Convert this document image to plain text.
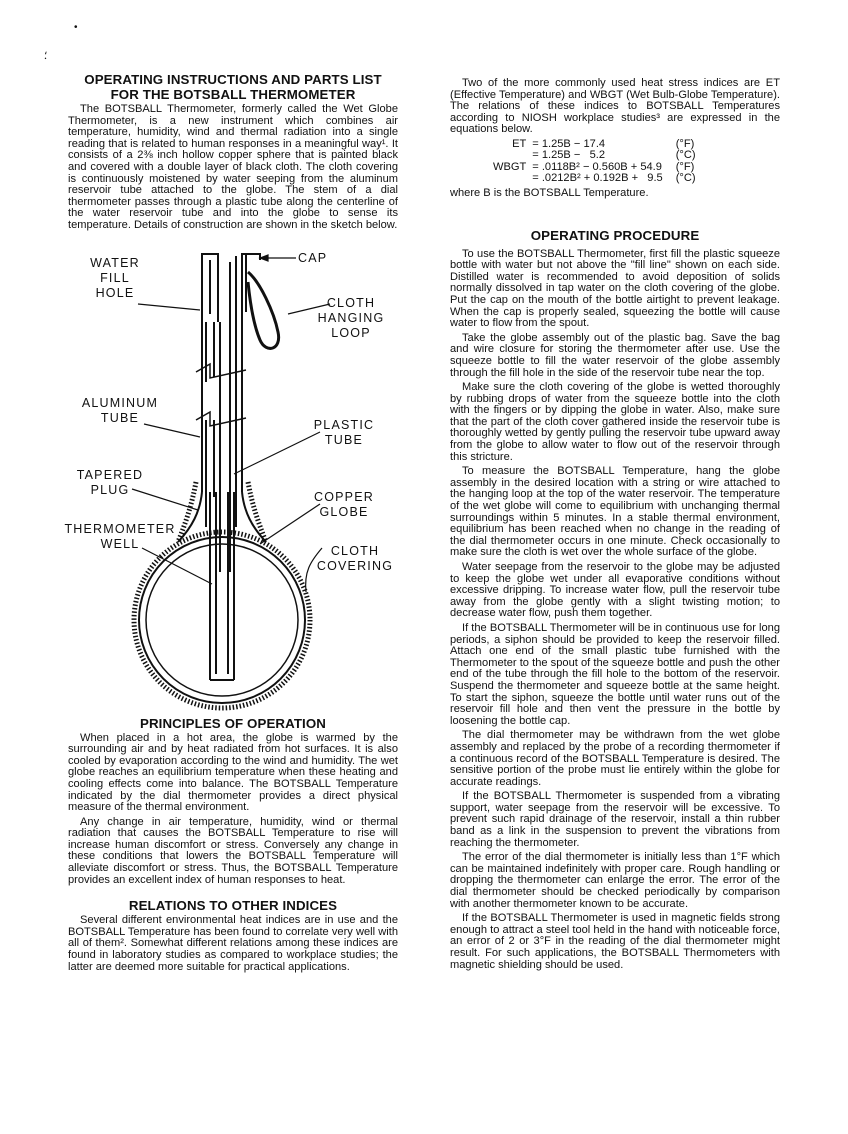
•
⸵
OPERATING INSTRUCTIONS AND PARTS LIST
FOR THE BOTSBALL THERMOMETER

The BOTSBALL Thermometer, formerly called the Wet Globe Thermometer, is a new instrument which combines air temperature, humidity, wind and thermal radiation into a single reading that is related to human responses in a meaningful way¹. It consists of a 2⅜ inch hollow copper sphere that is painted black and covered with a double layer of black cloth. The cloth covering is continuously moistened by water seeping from the aluminum reservoir tube attached to the globe. The stem of a dial thermometer passes through a plastic tube along the centerline of the water reservoir tube and into the globe to sense its temperature. Details of construction are shown in the sketch below.

WATER
FILL
HOLE
CAP
CLOTH
HANGING
LOOP
ALUMINUM
TUBE	PLASTIC
TUBE
TAPERED
PLUG	COPPER
GLOBE
THERMOMETER
WELL	CLOTH
COVERING
PRINCIPLES OF OPERATION

When placed in a hot area, the globe is warmed by the surrounding air and by heat radiated from hot surfaces. It is also cooled by evaporation according to the wind and humidity. The wet globe reaches an equilibrium temperature when these heating and cooling effects come into balance. The BOTSBALL Temperature indicated by the dial thermometer provides a direct physical measure of the thermal environment.

Any change in air temperature, humidity, wind or thermal radiation that causes the BOTSBALL Temperature to rise will increase human discomfort or stress. Conversely any change in these conditions that lowers the BOTSBALL Temperature will alleviate discomfort or stress. Thus, the BOTSBALL Temperature provides an excellent index of human responses to heat.

RELATIONS TO OTHER INDICES

Several different environmental heat indices are in use and the BOTSBALL Temperature has been found to correlate very well with all of them². Somewhat different relations among these indices are found in laboratory studies as compared to workplace studies; the latter are deemed more suitable for practical applications.

Two of the more commonly used heat stress indices are ET (Effective Temperature) and WBGT (Wet Bulb-Globe Temperature). The relations of these indices to BOTSBALL Temperatures according to NIOSH workplace studies³ are expressed in the equations below.

ET	= 1.25B − 17.4	(°F)
	= 1.25B −   5.2	(°C)
WBGT	= .0118B² − 0.560B + 54.9	(°F)
	= .0212B² + 0.192B +   9.5	(°C)

where B is the BOTSBALL Temperature.

OPERATING PROCEDURE

To use the BOTSBALL Thermometer, first fill the plastic squeeze bottle with water but not above the "fill line" shown on each side. Distilled water is recommended to avoid deposition of solids normally dissolved in tap water on the cloth covering of the globe. Put the cap on the mouth of the bottle airtight to prevent leakage. When the cap is properly sealed, squeezing the bottle will cause water to flow from the spout.

Take the globe assembly out of the plastic bag. Save the bag and wire closure for storing the thermometer after use. Use the squeeze bottle to fill the water reservoir of the globe assembly through the fill hole in the side of the reservoir tube near the top.

Make sure the cloth covering of the globe is wetted thoroughly by rubbing drops of water from the squeeze bottle into the cloth with the fingers or by dipping the globe in water. Also, make sure that the part of the cloth cover gathered inside the reservoir tube is thoroughly wetted by gently pulling the reservoir tube upward away from the globe to allow water to flow out of the reservoir through this stricture.

To measure the BOTSBALL Temperature, hang the globe assembly in the desired location with a string or wire attached to the hanging loop at the top of the water reservoir. The temperature of the wet globe will come to equilibrium with unchanging thermal surroundings within 5 minutes. In a stable thermal environment, equilibrium has been reached when no change in the reading of the dial thermometer occurs in one minute. Check occasionally to make sure the cloth is wet over the whole surface of the globe.

Water seepage from the reservoir to the globe may be adjusted to keep the globe wet under all evaporative conditions without excessive dripping. To increase water flow, pull the reservoir tube away from the globe gently with a slight twisting motion; to decrease water flow, push them together.

If the BOTSBALL Thermometer will be in continuous use for long periods, a siphon should be provided to keep the reservoir filled. Attach one end of the small plastic tube furnished with the Thermometer to the spout of the squeeze bottle and push the other end of the tube through the fill hole to the bottom of the reservoir. Suspend the thermometer and squeeze bottle at the same height. To start the siphon, squeeze the bottle until water runs out of the reservoir fill hole and then vent the pressure in the bottle by loosening the bottle cap.

The dial thermometer may be withdrawn from the wet globe assembly and replaced by the probe of a recording thermometer if a continuous record of the BOTSBALL Temperature is desired. The sensitive portion of the probe must lie entirely within the globe for accurate readings.

If the BOTSBALL Thermometer is suspended from a vibrating support, water seepage from the reservoir will be excessive. To prevent such rapid drainage of the reservoir, install a thin rubber band as a link in the suspension to prevent the vibrations from reaching the thermometer.

The error of the dial thermometer is initially less than 1°F which can be maintained indefinitely with proper care. Rough handling or dropping the thermometer can enlarge the error. The error of the dial thermometer should be checked periodically by comparison with another thermometer known to be accurate.

If the BOTSBALL Thermometer is used in magnetic fields strong enough to attract a steel tool held in the hand with noticeable force, an error of 2 or 3°F in the reading of the dial thermometer might result. For such applications, the BOTSBALL Thermometers with magnetic shielding should be used.
